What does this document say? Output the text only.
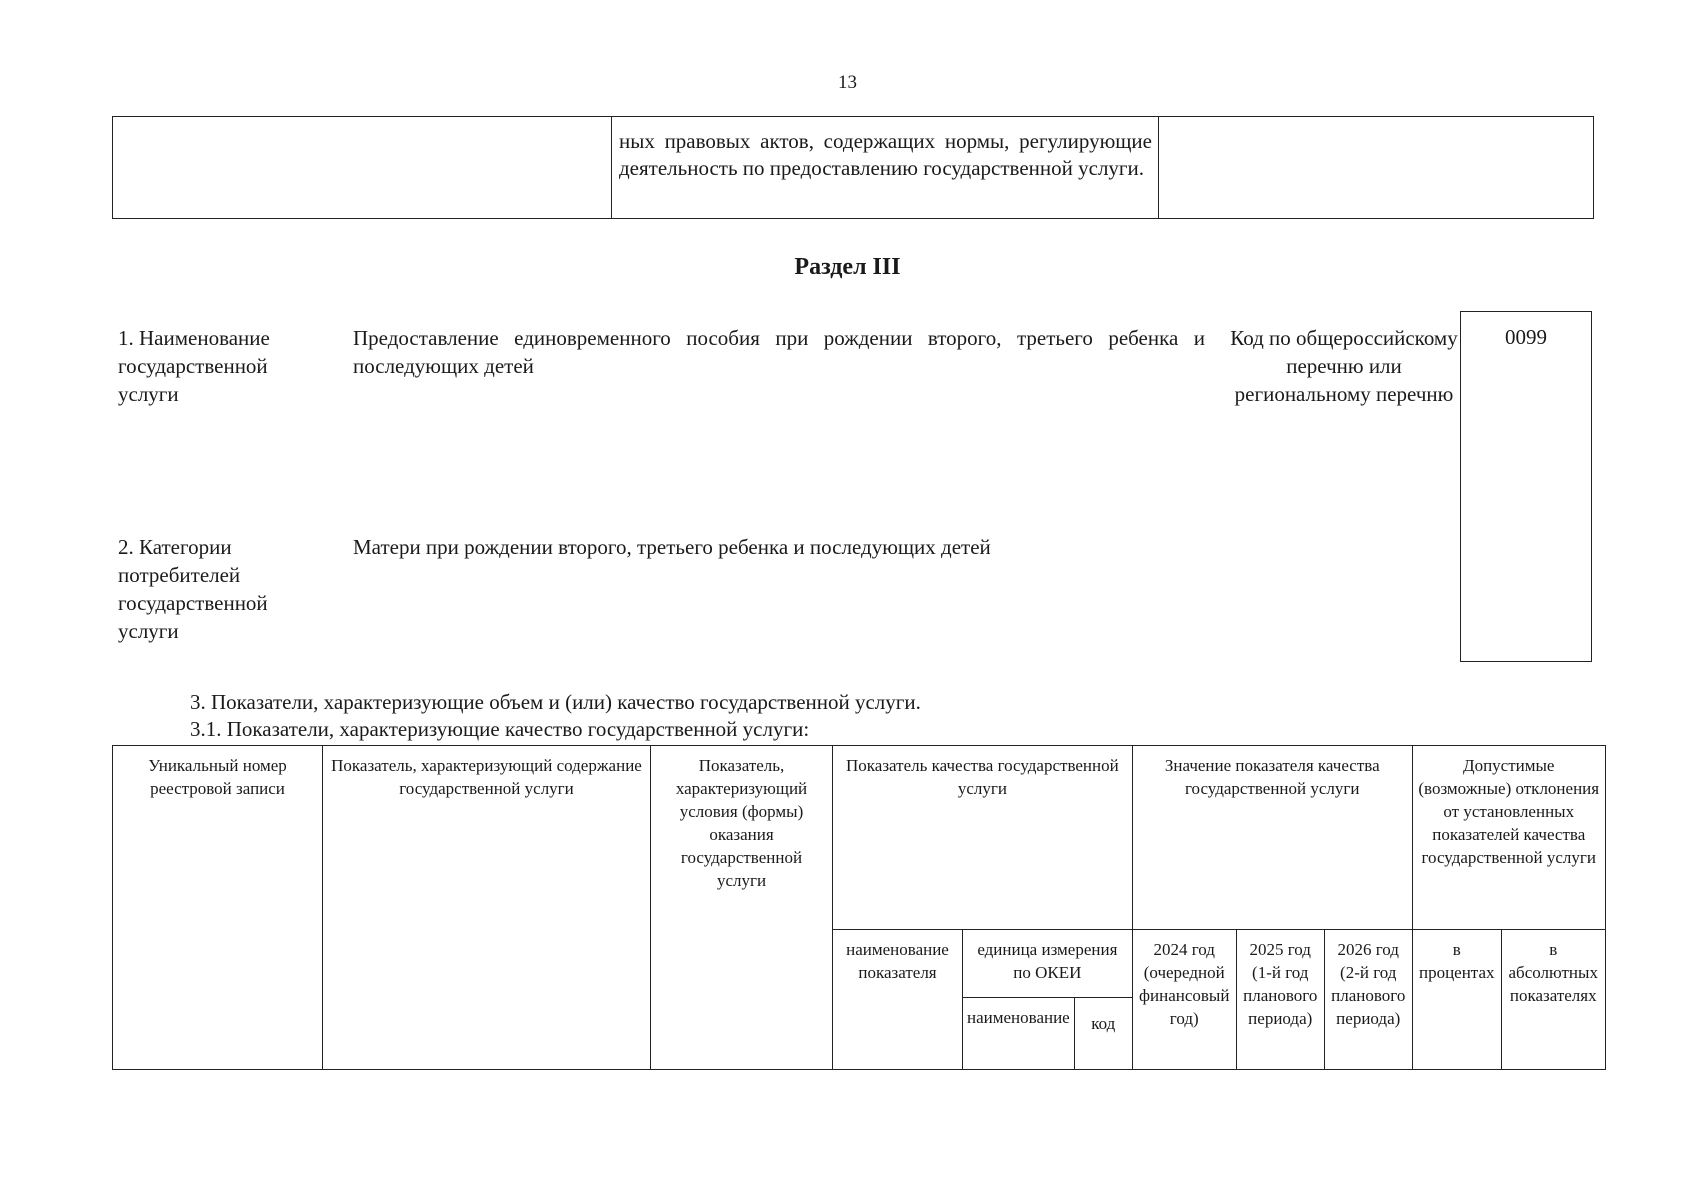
13
ных правовых актов, содержащих нормы, регулирующие деятельность по предоставлению государственной услуги.
Раздел III
1. Наименование государственной услуги
Предоставление единовременного пособия при рождении второго, третьего ребенка и последующих детей
Код по общероссийскому перечню или региональному перечню
0099
2. Категории потребителей государственной услуги
Матери при рождении второго, третьего ребенка и последующих детей
3. Показатели, характеризующие объем и (или) качество государственной услуги.
3.1. Показатели, характеризующие качество государственной услуги:
Уникальный номер реестровой записи	Показатель, характеризующий содержание государственной услуги	Показатель, характеризующий условия (формы) оказания государственной услуги	Показатель качества государственной услуги			Значение показателя качества государственной услуги			Допустимые (возможные) отклонения от установленных показателей качества государственной услуги	
			наименование показателя	единица измерения по ОКЕИ		2024 год (очередной финансовый год)	2025 год (1-й год планового периода)	2026 год (2-й год планового периода)	в процентах	в абсолютных показателях
				наименование	код					
